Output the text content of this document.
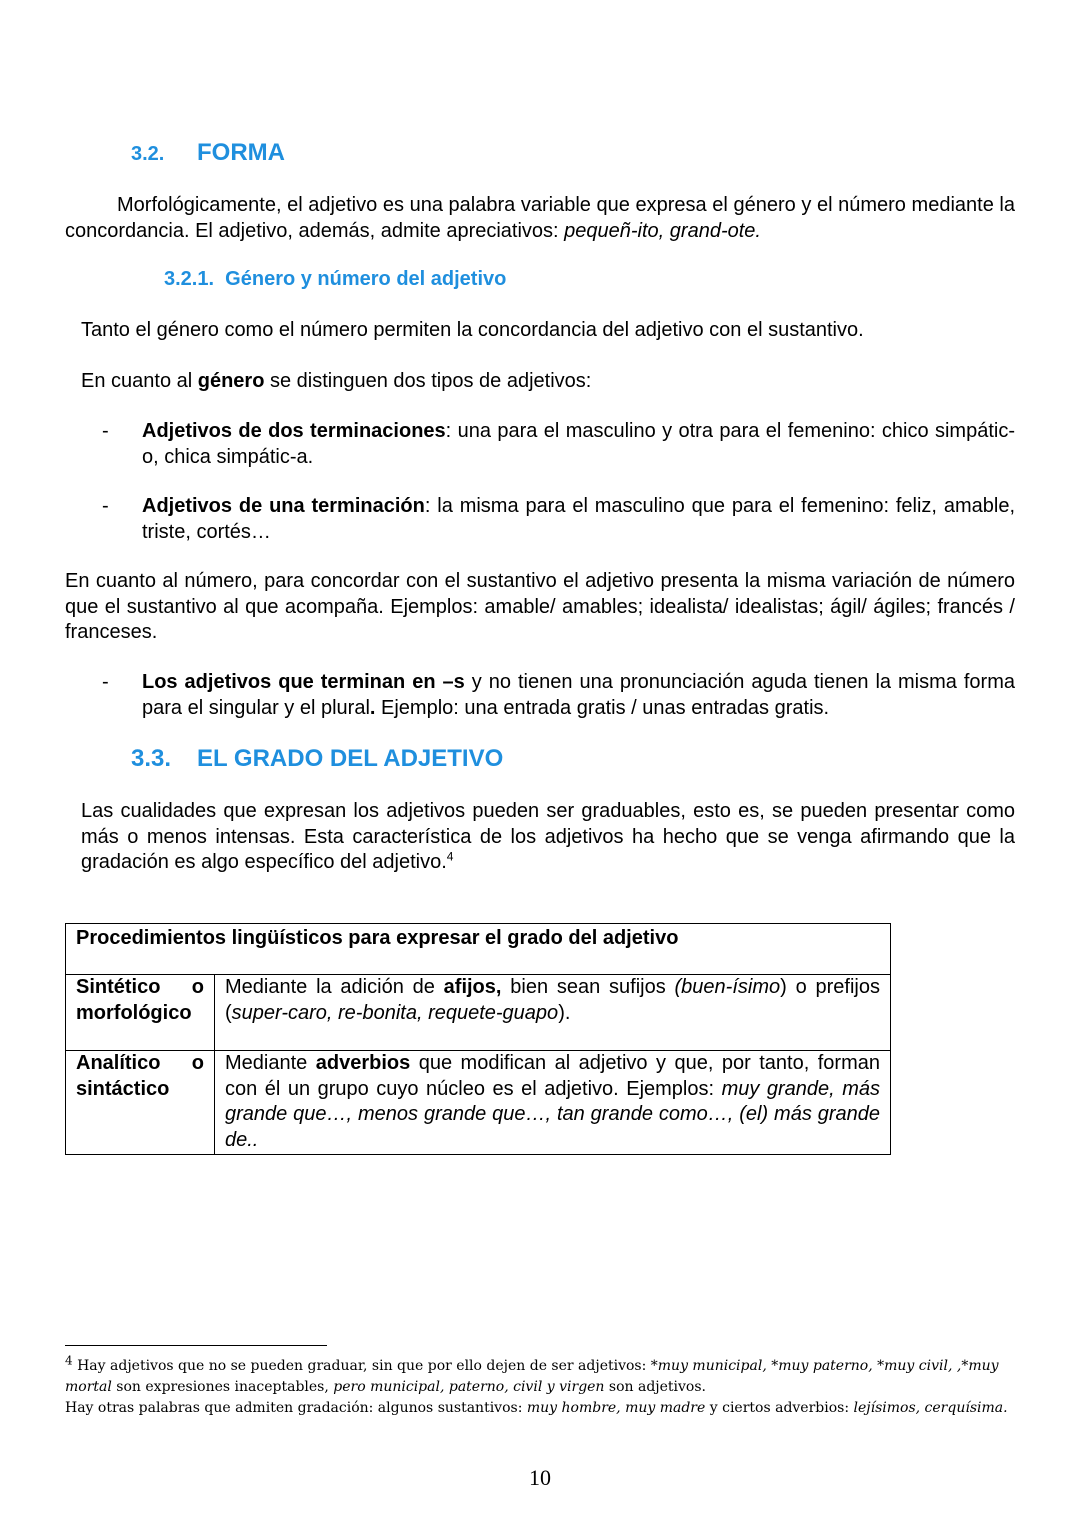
3.2. FORMA
Morfológicamente, el adjetivo es una palabra variable que expresa el género y el número mediante la concordancia. El adjetivo, además, admite apreciativos: pequeñ-ito, grand-ote.
3.2.1. Género y número del adjetivo
Tanto el género como el número permiten la concordancia del adjetivo con el sustantivo.
En cuanto al género se distinguen dos tipos de adjetivos:
- Adjetivos de dos terminaciones: una para el masculino y otra para el femenino: chico simpátic-o, chica simpátic-a.
- Adjetivos de una terminación: la misma para el masculino que para el femenino: feliz, amable, triste, cortés…
En cuanto al número, para concordar con el sustantivo el adjetivo presenta la misma variación de número que el sustantivo al que acompaña. Ejemplos: amable/ amables; idealista/ idealistas; ágil/ ágiles; francés / franceses.
- Los adjetivos que terminan en –s y no tienen una pronunciación aguda tienen la misma forma para el singular y el plural. Ejemplo: una entrada gratis / unas entradas gratis.
3.3. EL GRADO DEL ADJETIVO
Las cualidades que expresan los adjetivos pueden ser graduables, esto es, se pueden presentar como más o menos intensas. Esta característica de los adjetivos ha hecho que se venga afirmando que la gradación es algo específico del adjetivo.$^4$
Procedimientos lingüísticos para expresar el grado del adjetivo	
Sintético o morfológico	Mediante la adición de afijos, bien sean sufijos (buen-ísimo) o prefijos (super-caro, re-bonita, requete-guapo).
Analítico o sintáctico	Mediante adverbios que modifican al adjetivo y que, por tanto, forman con él un grupo cuyo núcleo es el adjetivo. Ejemplos: muy grande, más grande que…, menos grande que…, tan grande como…, (el) más grande de..
$^4$ Hay adjetivos que no se pueden graduar, sin que por ello dejen de ser adjetivos: *muy municipal, *muy paterno, *muy civil, ,*muy mortal son expresiones inaceptables, pero municipal, paterno, civil y virgen son adjetivos.
Hay otras palabras que admiten gradación: algunos sustantivos: muy hombre, muy madre y ciertos adverbios: lejísimos, cerquísima.
10
